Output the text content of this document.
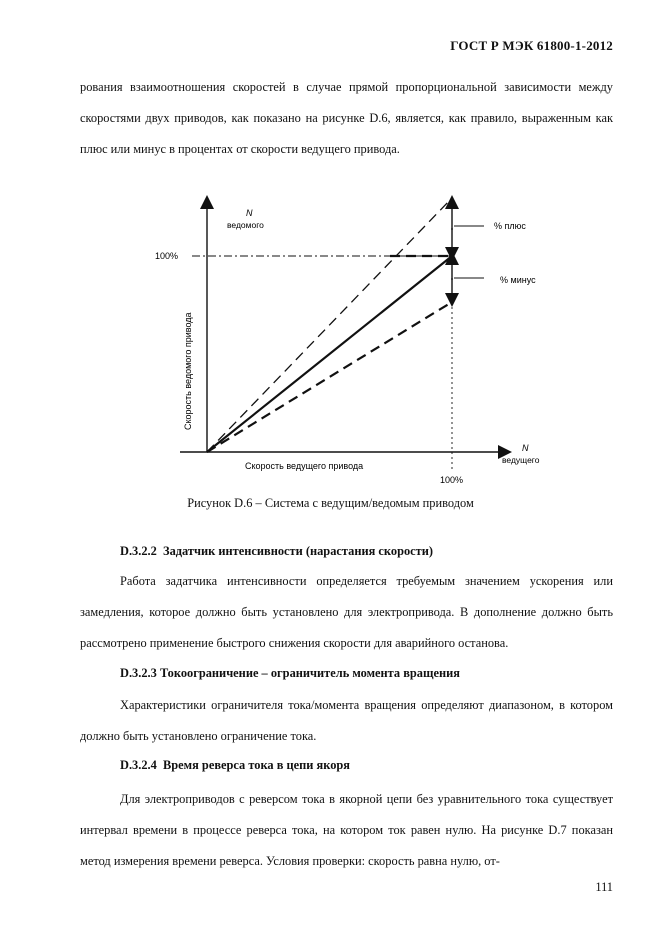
ГОСТ Р МЭК 61800-1-2012
рования взаимоотношения скоростей в случае прямой пропорциональной зависимости между скоростями двух приводов, как показано на рисунке D.6, является, как правило, выраженным как плюс или минус в процентах от скорости ведущего привода.
N
ведомого
100%
Скорость ведомого привода
Скорость ведущего привода
N
ведущего
100%
% плюс
% минус
Рисунок D.6 – Система с ведущим/ведомым приводом
D.3.2.2 Задатчик интенсивности (нарастания скорости)
Работа задатчика интенсивности определяется требуемым значением ускорения или замедления, которое должно быть установлено для электропривода. В дополнение должно быть рассмотрено применение быстрого снижения скорости для аварийного останова.
D.3.2.3 Токоограничение – ограничитель момента вращения
Характеристики ограничителя тока/момента вращения определяют диапазоном, в котором должно быть установлено ограничение тока.
D.3.2.4 Время реверса тока в цепи якоря
Для электроприводов с реверсом тока в якорной цепи без уравнительного тока существует интервал времени в процессе реверса тока, на котором ток равен нулю. На рисунке D.7 показан метод измерения времени реверса. Условия проверки: скорость равна нулю, от-
111
